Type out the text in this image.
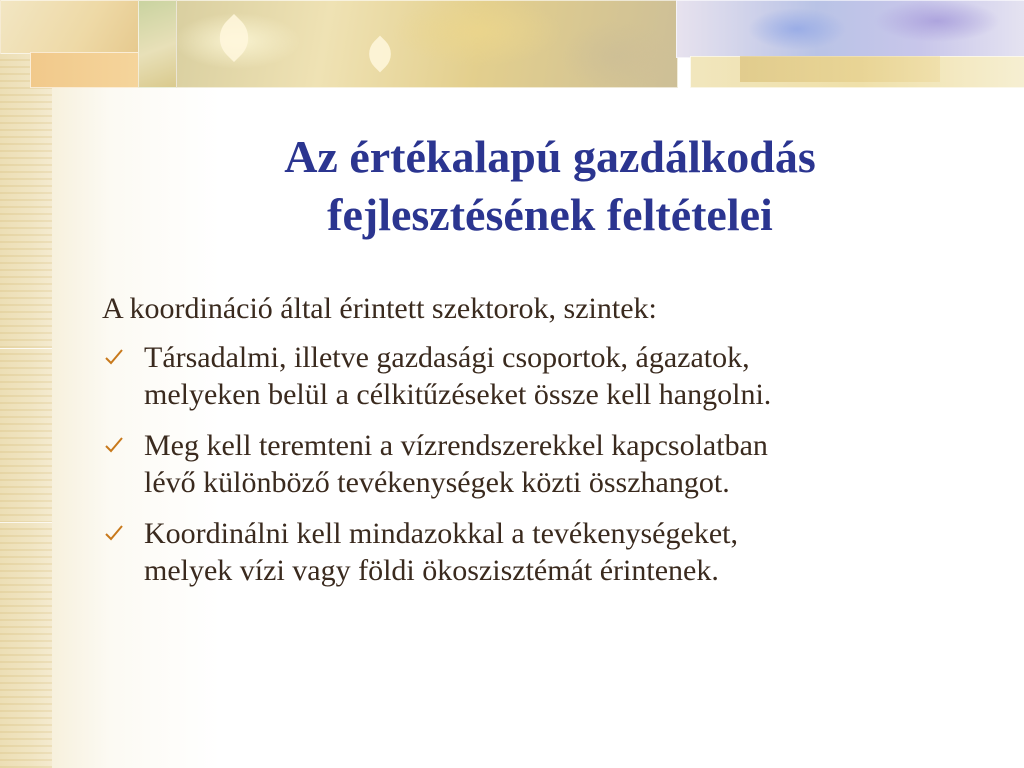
Az értékalapú gazdálkodás
fejlesztésének feltételei
A koordináció által érintett szektorok, szintek:
Társadalmi, illetve gazdasági csoportok, ágazatok,
melyeken belül a célkitűzéseket össze kell hangolni.
Meg kell teremteni a vízrendszerekkel kapcsolatban
lévő különböző tevékenységek közti összhangot.
Koordinálni kell mindazokkal a tevékenységeket,
melyek vízi vagy földi ökoszisztémát érintenek.
